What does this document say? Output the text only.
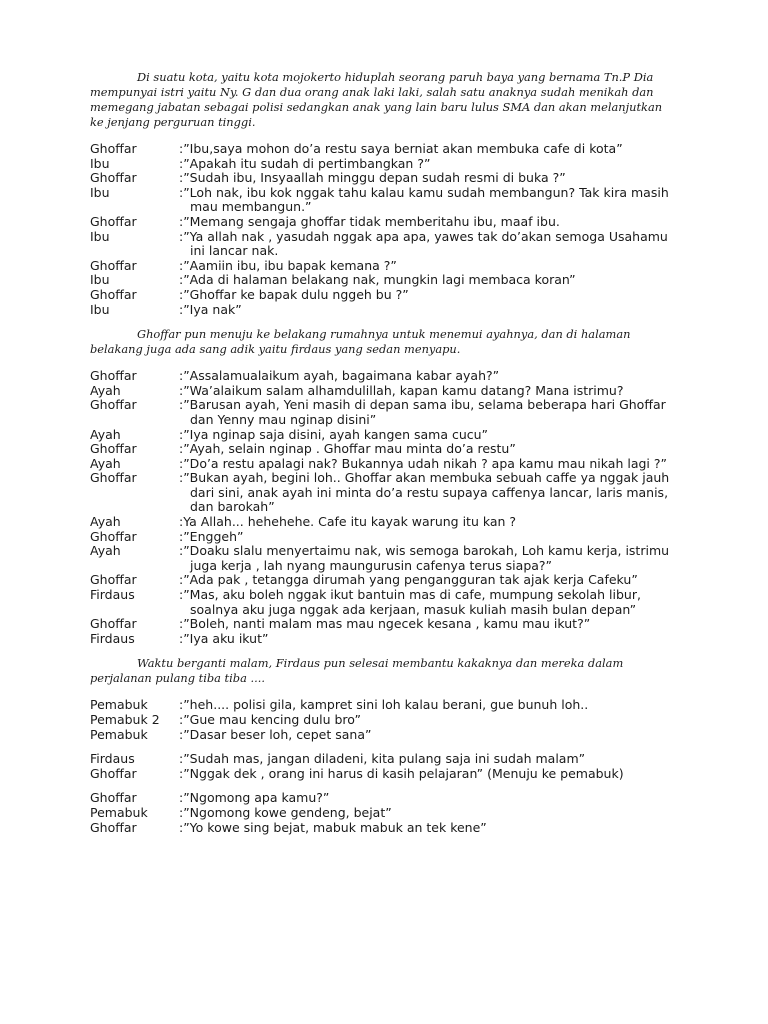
Di suatu kota, yaitu kota mojokerto hiduplah seorang paruh baya yang bernama Tn.P Dia mempunyai istri yaitu Ny. G dan dua orang anak laki laki, salah satu anaknya sudah menikah dan memegang jabatan sebagai polisi sedangkan anak yang lain baru lulus SMA dan akan melanjutkan ke jenjang perguruan tinggi.

Ghoffar	:”Ibu,saya mohon do’a restu saya berniat akan membuka cafe di kota”
Ibu	:”Apakah itu sudah di pertimbangkan ?”
Ghoffar	:”Sudah ibu, Insyaallah minggu depan sudah resmi di buka ?”
Ibu	:”Loh nak, ibu kok nggak tahu kalau kamu sudah membangun? Tak kira masih mau membangun.”
Ghoffar	:”Memang sengaja ghoffar tidak memberitahu ibu, maaf ibu.
Ibu	:”Ya allah nak , yasudah nggak apa apa, yawes tak do’akan semoga Usahamu ini lancar nak.
Ghoffar	:”Aamiin ibu, ibu bapak kemana ?”
Ibu	:”Ada di halaman belakang nak, mungkin lagi membaca koran”
Ghoffar	:”Ghoffar ke bapak dulu nggeh bu ?”
Ibu	:”Iya nak”

Ghoffar pun menuju ke belakang rumahnya untuk menemui ayahnya, dan di halaman belakang juga ada sang adik yaitu firdaus yang sedan menyapu.

Ghoffar	:”Assalamualaikum ayah, bagaimana kabar ayah?”
Ayah	:”Wa’alaikum salam alhamdulillah, kapan kamu datang? Mana istrimu?
Ghoffar	:”Barusan ayah, Yeni masih di depan sama ibu, selama beberapa hari Ghoffar dan Yenny mau nginap disini”
Ayah	:”Iya nginap saja disini, ayah kangen sama cucu”
Ghoffar	:”Ayah, selain nginap . Ghoffar mau minta do’a restu”
Ayah	:”Do’a restu apalagi nak? Bukannya udah nikah ? apa kamu mau nikah lagi ?”
Ghoffar	:”Bukan ayah, begini loh.. Ghoffar akan membuka sebuah caffe ya nggak jauh dari sini, anak ayah ini minta do’a restu supaya caffenya lancar, laris manis, dan barokah”
Ayah	:Ya Allah... hehehehe. Cafe itu kayak warung itu kan ?
Ghoffar	:”Enggeh”
Ayah	:”Doaku slalu menyertaimu nak, wis semoga barokah, Loh kamu kerja, istrimu juga kerja , lah nyang maungurusin cafenya terus siapa?”
Ghoffar	:”Ada pak , tetangga dirumah yang pengangguran tak ajak kerja Cafeku”
Firdaus	:”Mas, aku boleh nggak ikut bantuin mas di cafe, mumpung sekolah libur, soalnya aku juga nggak ada kerjaan, masuk kuliah masih bulan depan”
Ghoffar	:”Boleh, nanti malam mas mau ngecek kesana , kamu mau ikut?”
Firdaus	:”Iya aku ikut”

Waktu berganti malam, Firdaus pun selesai membantu kakaknya dan mereka dalam perjalanan pulang tiba tiba ....

Pemabuk	:”heh.... polisi gila, kampret sini loh kalau berani, gue bunuh loh..
Pemabuk 2	:”Gue mau kencing dulu bro”
Pemabuk	:”Dasar beser loh, cepet sana”
Firdaus	:”Sudah mas, jangan diladeni, kita pulang saja ini sudah malam”
Ghoffar	:”Nggak dek , orang ini harus di kasih pelajaran” (Menuju ke pemabuk)
Ghoffar	:”Ngomong apa kamu?”
Pemabuk	:”Ngomong kowe gendeng, bejat”
Ghoffar	:”Yo kowe sing bejat, mabuk mabuk an tek kene”
